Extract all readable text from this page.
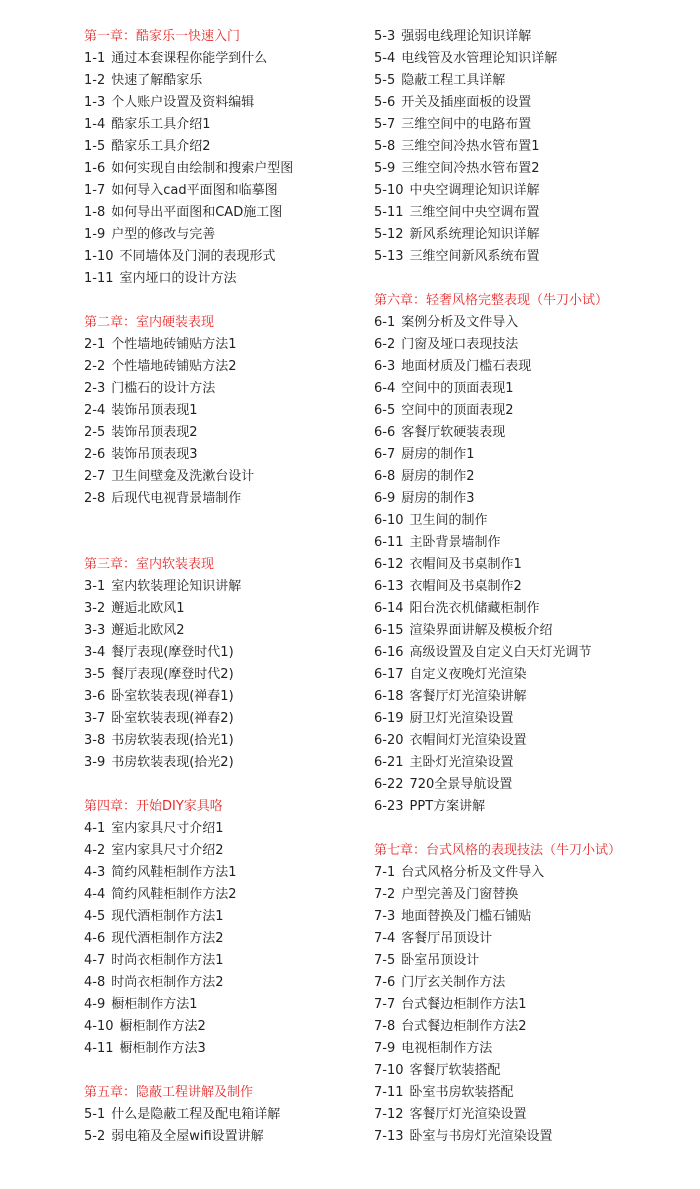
第一章：酷家乐一快速入门
1-1 通过本套课程你能学到什么
1-2 快速了解酷家乐
1-3 个人账户设置及资料编辑
1-4 酷家乐工具介绍1
1-5 酷家乐工具介绍2
1-6 如何实现自由绘制和搜索户型图
1-7 如何导入cad平面图和临摹图
1-8 如何导出平面图和CAD施工图
1-9 户型的修改与完善
1-10 不同墙体及门洞的表现形式
1-11 室内垭口的设计方法
第二章：室内硬装表现
2-1 个性墙地砖铺贴方法1
2-2 个性墙地砖铺贴方法2
2-3 门槛石的设计方法
2-4 装饰吊顶表现1
2-5 装饰吊顶表现2
2-6 装饰吊顶表现3
2-7 卫生间壁龛及洗漱台设计
2-8 后现代电视背景墙制作
第三章：室内软装表现
3-1 室内软装理论知识讲解
3-2 邂逅北欧风1
3-3 邂逅北欧风2
3-4 餐厅表现(摩登时代1)
3-5 餐厅表现(摩登时代2)
3-6 卧室软装表现(禅春1)
3-7 卧室软装表现(禅春2)
3-8 书房软装表现(拾光1)
3-9 书房软装表现(拾光2)
第四章：开始DIY家具咯
4-1 室内家具尺寸介绍1
4-2 室内家具尺寸介绍2
4-3 简约风鞋柜制作方法1
4-4 简约风鞋柜制作方法2
4-5 现代酒柜制作方法1
4-6 现代酒柜制作方法2
4-7 时尚衣柜制作方法1
4-8 时尚衣柜制作方法2
4-9 橱柜制作方法1
4-10 橱柜制作方法2
4-11 橱柜制作方法3
第五章：隐蔽工程讲解及制作
5-1 什么是隐蔽工程及配电箱详解
5-2 弱电箱及全屋wifi设置讲解
5-3 强弱电线理论知识详解
5-4 电线管及水管理论知识详解
5-5 隐蔽工程工具详解
5-6 开关及插座面板的设置
5-7 三维空间中的电路布置
5-8 三维空间冷热水管布置1
5-9 三维空间冷热水管布置2
5-10 中央空调理论知识详解
5-11 三维空间中央空调布置
5-12 新风系统理论知识详解
5-13 三维空间新风系统布置
第六章：轻奢风格完整表现（牛刀小试）
6-1 案例分析及文件导入
6-2 门窗及垭口表现技法
6-3 地面材质及门槛石表现
6-4 空间中的顶面表现1
6-5 空间中的顶面表现2
6-6 客餐厅软硬装表现
6-7 厨房的制作1
6-8 厨房的制作2
6-9 厨房的制作3
6-10 卫生间的制作
6-11 主卧背景墙制作
6-12 衣帽间及书桌制作1
6-13 衣帽间及书桌制作2
6-14 阳台洗衣机储藏柜制作
6-15 渲染界面讲解及模板介绍
6-16 高级设置及自定义白天灯光调节
6-17 自定义夜晚灯光渲染
6-18 客餐厅灯光渲染讲解
6-19 厨卫灯光渲染设置
6-20 衣帽间灯光渲染设置
6-21 主卧灯光渲染设置
6-22 720全景导航设置
6-23 PPT方案讲解
第七章：台式风格的表现技法（牛刀小试）
7-1 台式风格分析及文件导入
7-2 户型完善及门窗替换
7-3 地面替换及门槛石铺贴
7-4 客餐厅吊顶设计
7-5 卧室吊顶设计
7-6 门厅玄关制作方法
7-7 台式餐边柜制作方法1
7-8 台式餐边柜制作方法2
7-9 电视柜制作方法
7-10 客餐厅软装搭配
7-11 卧室书房软装搭配
7-12 客餐厅灯光渲染设置
7-13 卧室与书房灯光渲染设置
